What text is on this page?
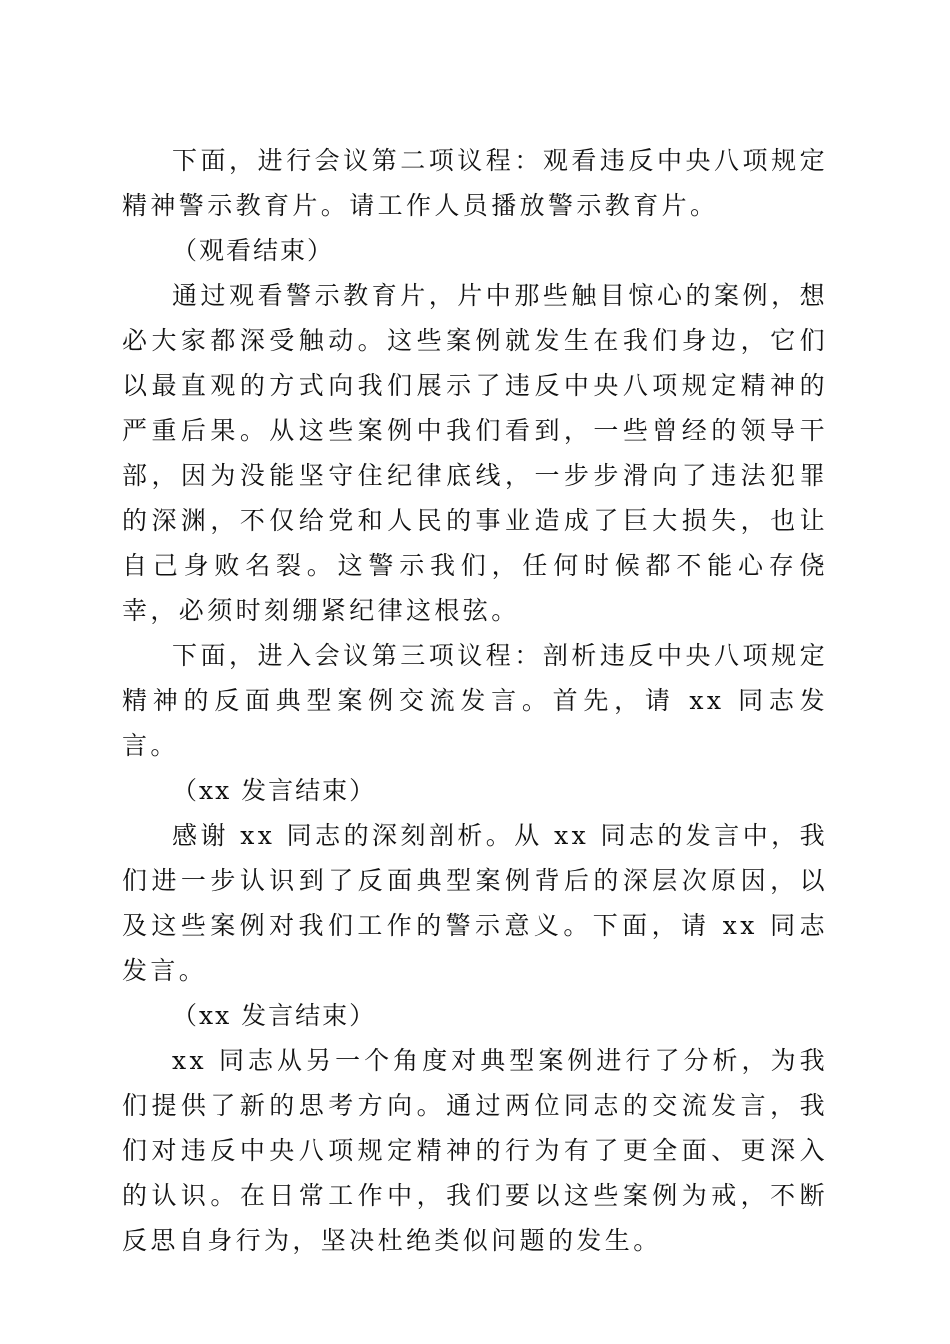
下面，进行会议第二项议程：观看违反中央八项规定精神警示教育片。请工作人员播放警示教育片。

（观看结束）

通过观看警示教育片，片中那些触目惊心的案例，想必大家都深受触动。这些案例就发生在我们身边，它们以最直观的方式向我们展示了违反中央八项规定精神的严重后果。从这些案例中我们看到，一些曾经的领导干部，因为没能坚守住纪律底线，一步步滑向了违法犯罪的深渊，不仅给党和人民的事业造成了巨大损失，也让自己身败名裂。这警示我们，任何时候都不能心存侥幸，必须时刻绷紧纪律这根弦。

下面，进入会议第三项议程：剖析违反中央八项规定精神的反面典型案例交流发言。首先，请 xx 同志发言。

（xx 发言结束）

感谢 xx 同志的深刻剖析。从 xx 同志的发言中，我们进一步认识到了反面典型案例背后的深层次原因，以及这些案例对我们工作的警示意义。下面，请 xx 同志发言。

（xx 发言结束）

xx 同志从另一个角度对典型案例进行了分析，为我们提供了新的思考方向。通过两位同志的交流发言，我们对违反中央八项规定精神的行为有了更全面、更深入的认识。在日常工作中，我们要以这些案例为戒，不断反思自身行为，坚决杜绝类似问题的发生。
